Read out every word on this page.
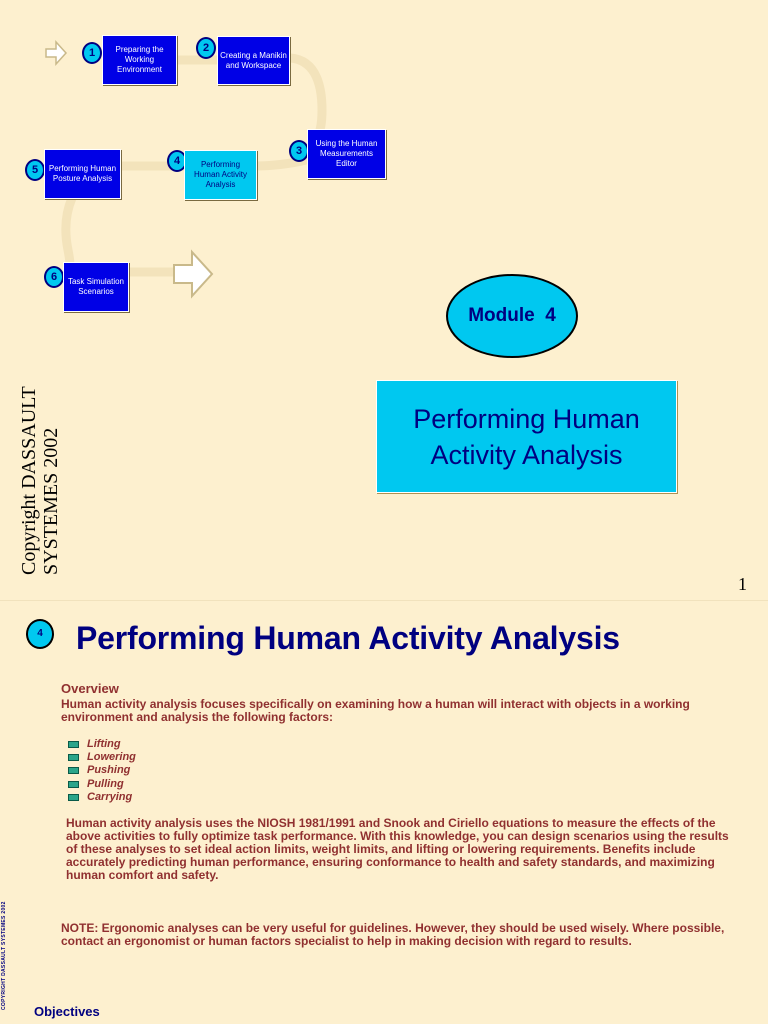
1	Preparing the Working Environment
2
Creating a Manikin and Workspace
3
Using the Human Measurements Editor
4	Performing Human Activity Analysis
5	Performing Human Posture Analysis
6	Task Simulation Scenarios
Module  4
Performing Human Activity Analysis
Copyright DASSAULT SYSTEMES 2002
1
4	Performing Human Activity Analysis
Overview
Human activity analysis focuses specifically on examining how a human will interact with objects in a working environment and analysis the following factors:
Lifting
Lowering
Pushing
Pulling
Carrying
Human activity analysis uses the NIOSH 1981/1991 and Snook and Ciriello equations to measure the effects of the above activities to fully optimize task performance. With this knowledge, you can design scenarios using the results of these analyses to set ideal action limits, weight limits, and lifting or lowering requirements. Benefits include accurately predicting human performance, ensuring conformance to health and safety standards, and maximizing human comfort and safety.
NOTE: Ergonomic analyses can be very useful for guidelines. However, they should be used wisely. Where possible, contact an ergonomist or human factors specialist to help in making decision with regard to results.
COPYRIGHT DASSAULT SYSTEMES 2002
Objectives
